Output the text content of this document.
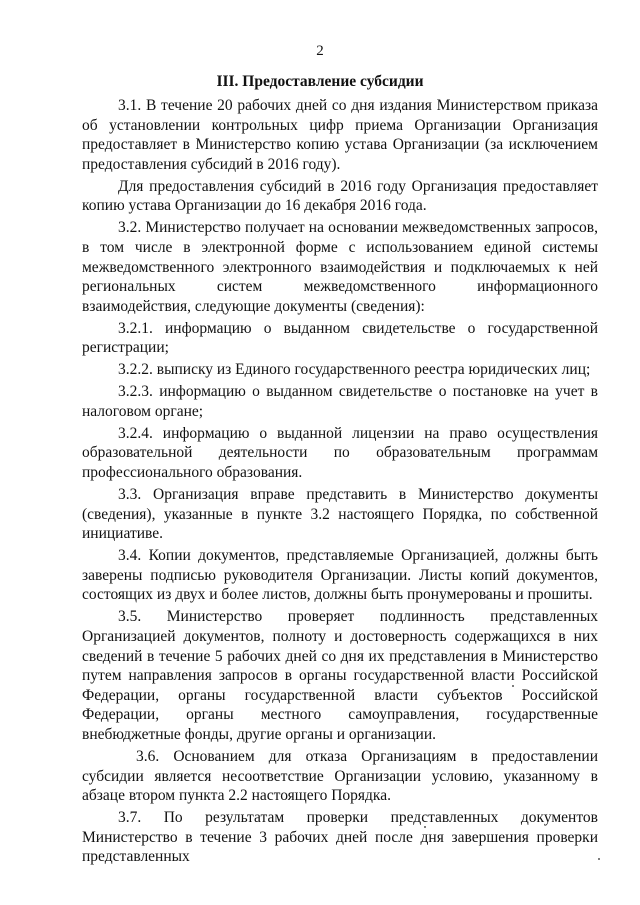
2
III. Предоставление субсидии

3.1. В течение 20 рабочих дней со дня издания Министерством приказа об установлении контрольных цифр приема Организации Организация предоставляет в Министерство копию устава Организации (за исключением предоставления субсидий в 2016 году).

Для предоставления субсидий в 2016 году Организация предоставляет копию устава Организации до 16 декабря 2016 года.

3.2. Министерство получает на основании межведомственных запросов, в том числе в электронной форме с использованием единой системы межведомственного электронного взаимодействия и подключаемых к ней региональных систем межведомственного информационного взаимодействия, следующие документы (сведения):

3.2.1. информацию о выданном свидетельстве о государственной регистрации;

3.2.2. выписку из Единого государственного реестра юридических лиц;

3.2.3. информацию о выданном свидетельстве о постановке на учет в налоговом органе;

3.2.4. информацию о выданной лицензии на право осуществления образовательной деятельности по образовательным программам профессионального образования.

3.3. Организация вправе представить в Министерство документы (сведения), указанные в пункте 3.2 настоящего Порядка, по собственной инициативе.

3.4. Копии документов, представляемые Организацией, должны быть заверены подписью руководителя Организации. Листы копий документов, состоящих из двух и более листов, должны быть пронумерованы и прошиты.

3.5. Министерство проверяет подлинность представленных Организацией документов, полноту и достоверность содержащихся в них сведений в течение 5 рабочих дней со дня их представления в Министерство путем направления запросов в органы государственной власти Российской Федерации, органы государственной власти субъектов Российской Федерации, органы местного самоуправления, государственные внебюджетные фонды, другие органы и организации.

3.6. Основанием для отказа Организациям в предоставлении субсидии является несоответствие Организации условию, указанному в абзаце втором пункта 2.2 настоящего Порядка.

3.7. По результатам проверки представленных документов Министерство в течение 3 рабочих дней после дня завершения проверки представленных
